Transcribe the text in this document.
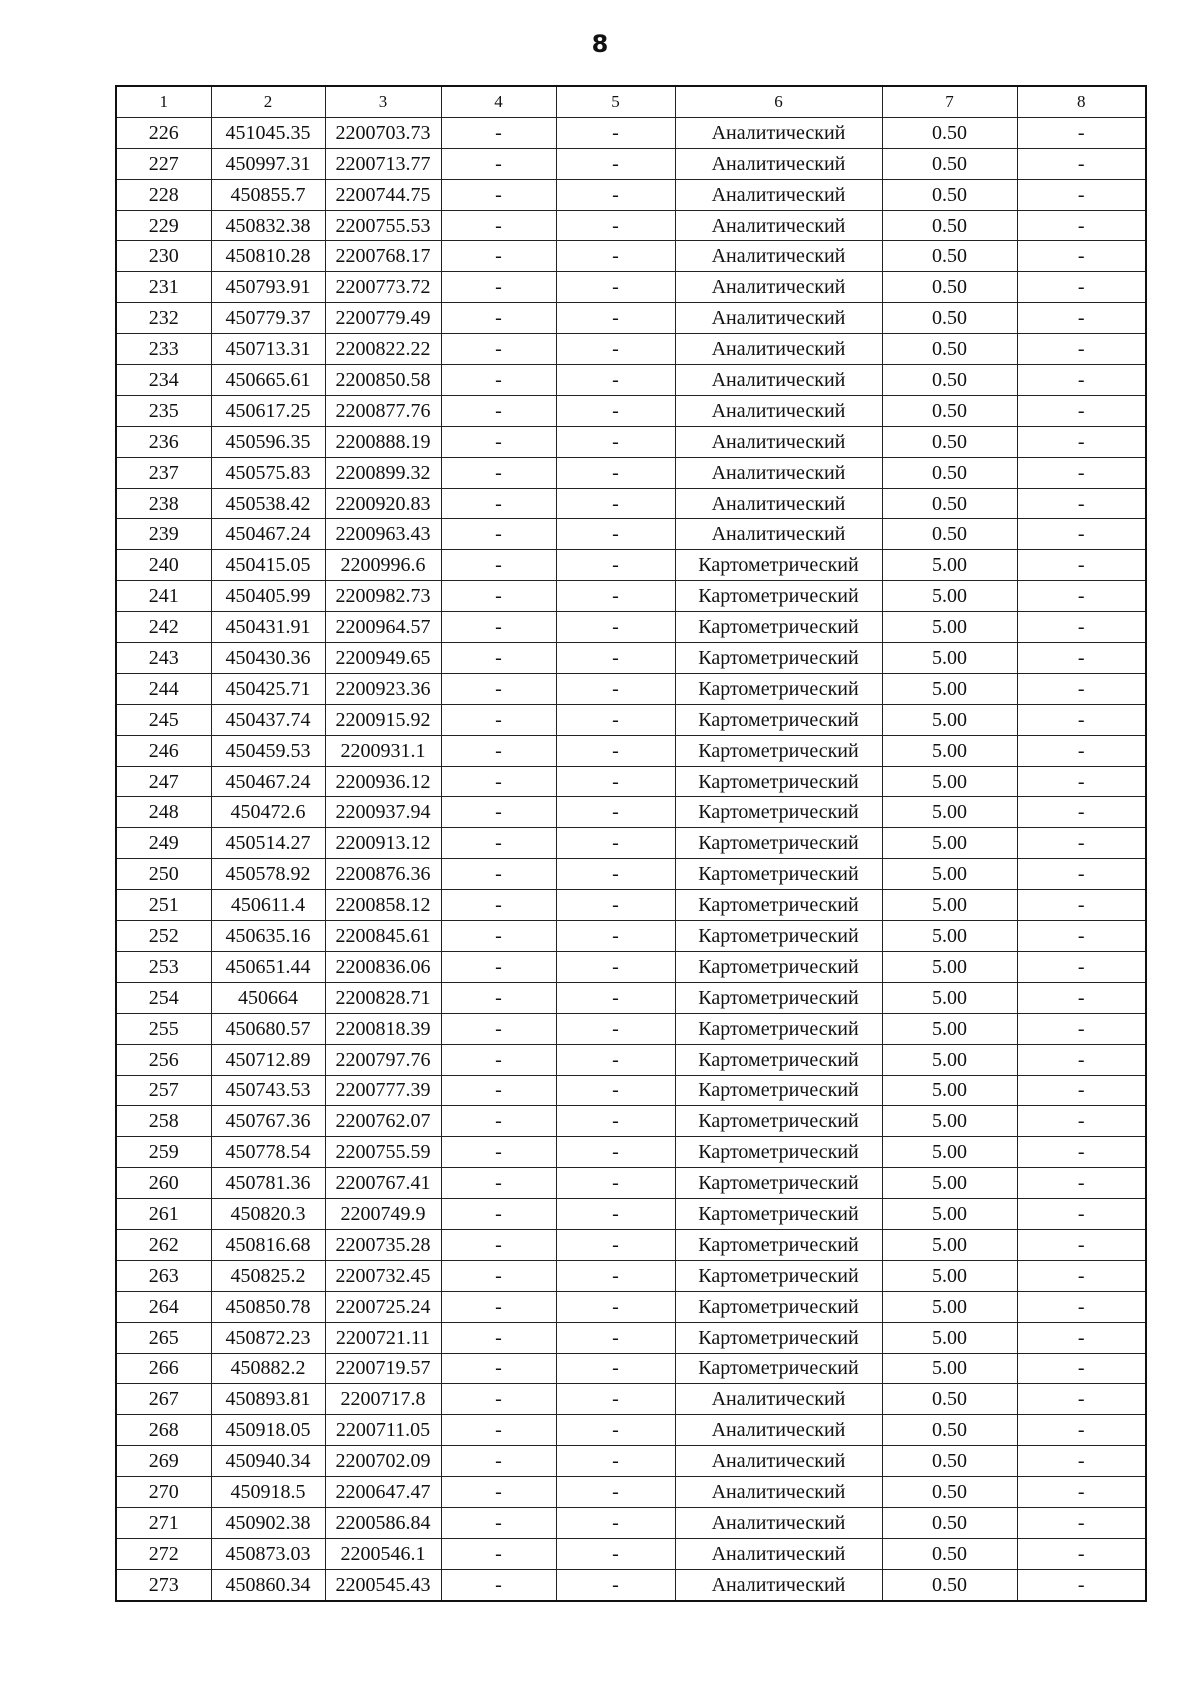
8
1	2	3	4	5	6	7	8
226	451045.35	2200703.73	-	-	Аналитический	0.50	-
227	450997.31	2200713.77	-	-	Аналитический	0.50	-
228	450855.7	2200744.75	-	-	Аналитический	0.50	-
229	450832.38	2200755.53	-	-	Аналитический	0.50	-
230	450810.28	2200768.17	-	-	Аналитический	0.50	-
231	450793.91	2200773.72	-	-	Аналитический	0.50	-
232	450779.37	2200779.49	-	-	Аналитический	0.50	-
233	450713.31	2200822.22	-	-	Аналитический	0.50	-
234	450665.61	2200850.58	-	-	Аналитический	0.50	-
235	450617.25	2200877.76	-	-	Аналитический	0.50	-
236	450596.35	2200888.19	-	-	Аналитический	0.50	-
237	450575.83	2200899.32	-	-	Аналитический	0.50	-
238	450538.42	2200920.83	-	-	Аналитический	0.50	-
239	450467.24	2200963.43	-	-	Аналитический	0.50	-
240	450415.05	2200996.6	-	-	Картометрический	5.00	-
241	450405.99	2200982.73	-	-	Картометрический	5.00	-
242	450431.91	2200964.57	-	-	Картометрический	5.00	-
243	450430.36	2200949.65	-	-	Картометрический	5.00	-
244	450425.71	2200923.36	-	-	Картометрический	5.00	-
245	450437.74	2200915.92	-	-	Картометрический	5.00	-
246	450459.53	2200931.1	-	-	Картометрический	5.00	-
247	450467.24	2200936.12	-	-	Картометрический	5.00	-
248	450472.6	2200937.94	-	-	Картометрический	5.00	-
249	450514.27	2200913.12	-	-	Картометрический	5.00	-
250	450578.92	2200876.36	-	-	Картометрический	5.00	-
251	450611.4	2200858.12	-	-	Картометрический	5.00	-
252	450635.16	2200845.61	-	-	Картометрический	5.00	-
253	450651.44	2200836.06	-	-	Картометрический	5.00	-
254	450664	2200828.71	-	-	Картометрический	5.00	-
255	450680.57	2200818.39	-	-	Картометрический	5.00	-
256	450712.89	2200797.76	-	-	Картометрический	5.00	-
257	450743.53	2200777.39	-	-	Картометрический	5.00	-
258	450767.36	2200762.07	-	-	Картометрический	5.00	-
259	450778.54	2200755.59	-	-	Картометрический	5.00	-
260	450781.36	2200767.41	-	-	Картометрический	5.00	-
261	450820.3	2200749.9	-	-	Картометрический	5.00	-
262	450816.68	2200735.28	-	-	Картометрический	5.00	-
263	450825.2	2200732.45	-	-	Картометрический	5.00	-
264	450850.78	2200725.24	-	-	Картометрический	5.00	-
265	450872.23	2200721.11	-	-	Картометрический	5.00	-
266	450882.2	2200719.57	-	-	Картометрический	5.00	-
267	450893.81	2200717.8	-	-	Аналитический	0.50	-
268	450918.05	2200711.05	-	-	Аналитический	0.50	-
269	450940.34	2200702.09	-	-	Аналитический	0.50	-
270	450918.5	2200647.47	-	-	Аналитический	0.50	-
271	450902.38	2200586.84	-	-	Аналитический	0.50	-
272	450873.03	2200546.1	-	-	Аналитический	0.50	-
273	450860.34	2200545.43	-	-	Аналитический	0.50	-
